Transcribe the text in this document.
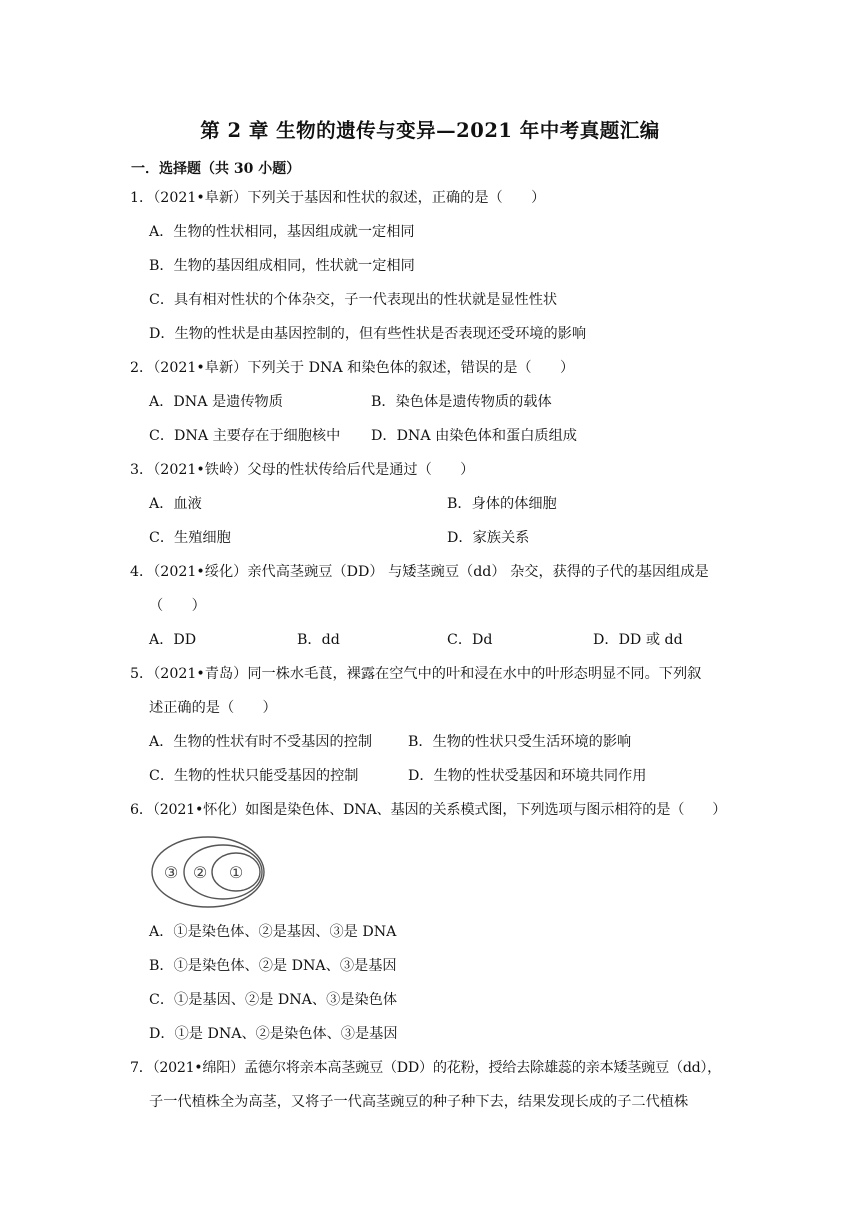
第 2 章 生物的遗传与变异—2021 年中考真题汇编
一．选择题（共 30 小题）
1．（2021•阜新）下列关于基因和性状的叙述，正确的是（　　）
A．生物的性状相同，基因组成就一定相同
B．生物的基因组成相同，性状就一定相同
C．具有相对性状的个体杂交，子一代表现出的性状就是显性性状
D．生物的性状是由基因控制的，但有些性状是否表现还受环境的影响
2．（2021•阜新）下列关于 DNA 和染色体的叙述，错误的是（　　）
A．DNA 是遗传物质	B．染色体是遗传物质的载体
C．DNA 主要存在于细胞核中 D．DNA 由染色体和蛋白质组成
3．（2021•铁岭）父母的性状传给后代是通过（　　）
A．血液	B．身体的体细胞
C．生殖细胞	D．家族关系
4．（2021•绥化）亲代高茎豌豆（DD） 与矮茎豌豆（dd） 杂交，获得的子代的基因组成是
（　　）
A．DD	B．dd	C．Dd	D．DD 或 dd
5．（2021•青岛）同一株水毛茛，裸露在空气中的叶和浸在水中的叶形态明显不同。下列叙
述正确的是（　　）
A．生物的性状有时不受基因的控制	B．生物的性状只受生活环境的影响
C．生物的性状只能受基因的控制	D．生物的性状受基因和环境共同作用
6．（2021•怀化）如图是染色体、DNA、基因的关系模式图，下列选项与图示相符的是（　　）
③ ② ①
A．①是染色体、②是基因、③是 DNA
B．①是染色体、②是 DNA、③是基因
C．①是基因、②是 DNA、③是染色体
D．①是 DNA、②是染色体、③是基因
7．（2021•绵阳）孟德尔将亲本高茎豌豆（DD）的花粉，授给去除雄蕊的亲本矮茎豌豆（dd），
子一代植株全为高茎，又将子一代高茎豌豆的种子种下去，结果发现长成的子二代植株
